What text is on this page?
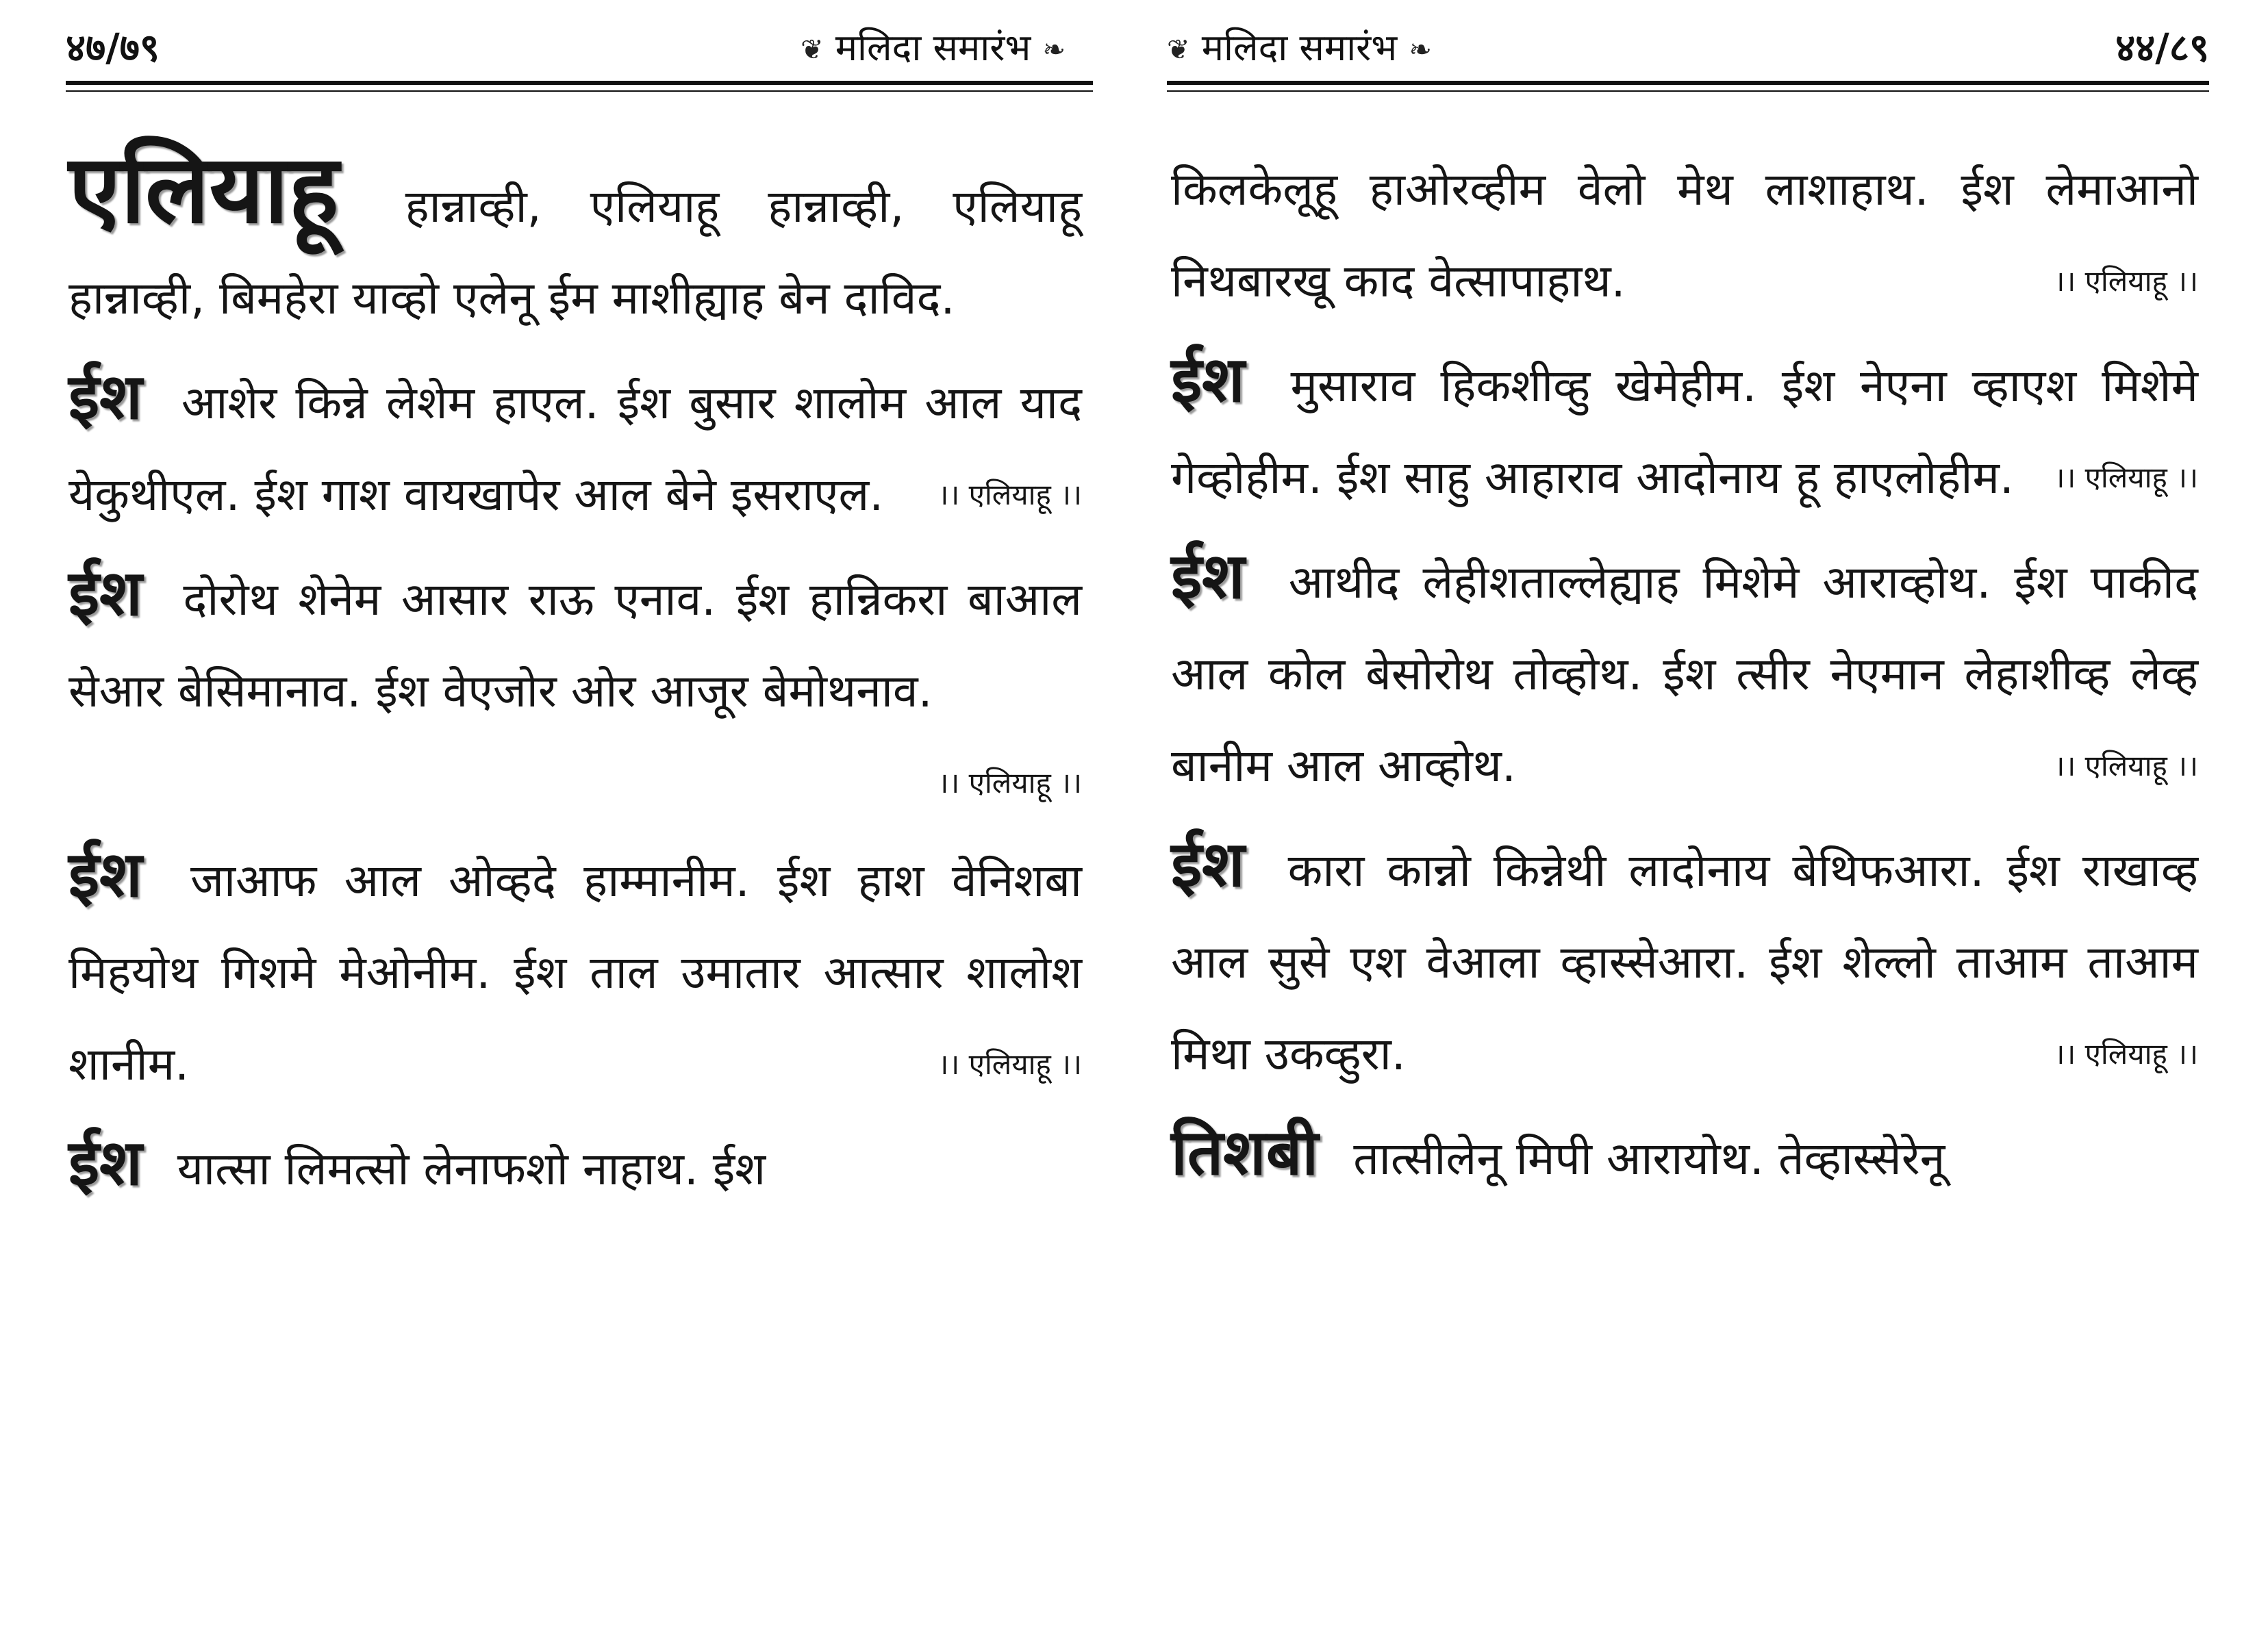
४७/७९	❦ मलिदा समारंभ ❧

एलियाहू हान्नाव्ही, एलियाहू हान्नाव्ही, एलियाहू हान्नाव्ही, बिमहेरा याव्हो एलेनू ईम माशीह्याह बेन दाविद.

ईश आशेर किन्ने लेशेम हाएल. ईश बुसार शालोम आल याद येकुथीएल. ईश गाश वायखापेर आल बेने इसराएल. ।। एलियाहू ।।

ईश दोरोथ शेनेम आसार राऊ एनाव. ईश हान्निकरा बाआल सेआर बेसिमानाव. ईश वेएजोर ओर आजूर बेमोथनाव.
।। एलियाहू ।।

ईश जाआफ आल ओव्हदे हाम्मानीम. ईश हाश वेनिशबा मिहयोथ गिशमे मेओनीम. ईश ताल उमातार आत्सार शालोश शानीम.	।। एलियाहू ।।

ईश यात्सा लिमत्सो लेनाफशो नाहाथ. ईश

❦ मलिदा समारंभ ❧	४४/८९

किलकेलूहू हाओरव्हीम वेलो मेथ लाशाहाथ. ईश लेमाआनो निथबारखू काद वेत्सापाहाथ.	।। एलियाहू ।।

ईश मुसाराव हिकशीव्हु खेमेहीम. ईश नेएना व्हाएश मिशेमे गेव्होहीम. ईश साहु आहाराव आदोनाय हू हाएलोहीम. ।। एलियाहू ।।

ईश आथीद लेहीशताल्लेह्याह मिशेमे आराव्होथ. ईश पाकीद आल कोल बेसोरोथ तोव्होथ. ईश त्सीर नेएमान लेहाशीव्ह लेव्ह बानीम आल आव्होथ.	।। एलियाहू ।।

ईश कारा कान्नो किन्नेथी लादोनाय बेथिफआरा. ईश राखाव्ह आल सुसे एश वेआला व्हास्सेआरा. ईश शेल्लो ताआम ताआम मिथा उकव्हुरा.	।। एलियाहू ।।

तिशबी तात्सीलेनू मिपी आरायोथ. तेव्हास्सेरेनू
